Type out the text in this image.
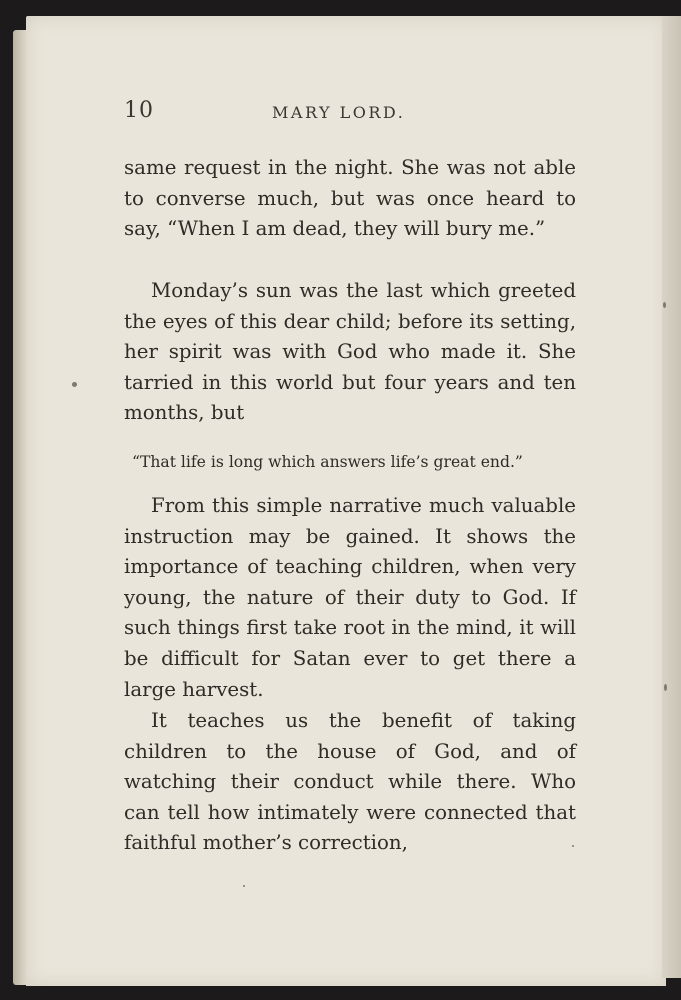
10	MARY LORD.

same request in the night. She was not able to converse much, but was once heard to say, “When I am dead, they will bury me.”

Monday’s sun was the last which greeted the eyes of this dear child; before its setting, her spirit was with God who made it. She tarried in this world but four years and ten months, but

“That life is long which answers life’s great end.”

From this simple narrative much valuable instruction may be gained. It shows the importance of teaching children, when very young, the nature of their duty to God. If such things first take root in the mind, it will be difficult for Satan ever to get there a large harvest.

It teaches us the benefit of taking children to the house of God, and of watching their conduct while there. Who can tell how intimately were connected that faithful mother’s correction,
